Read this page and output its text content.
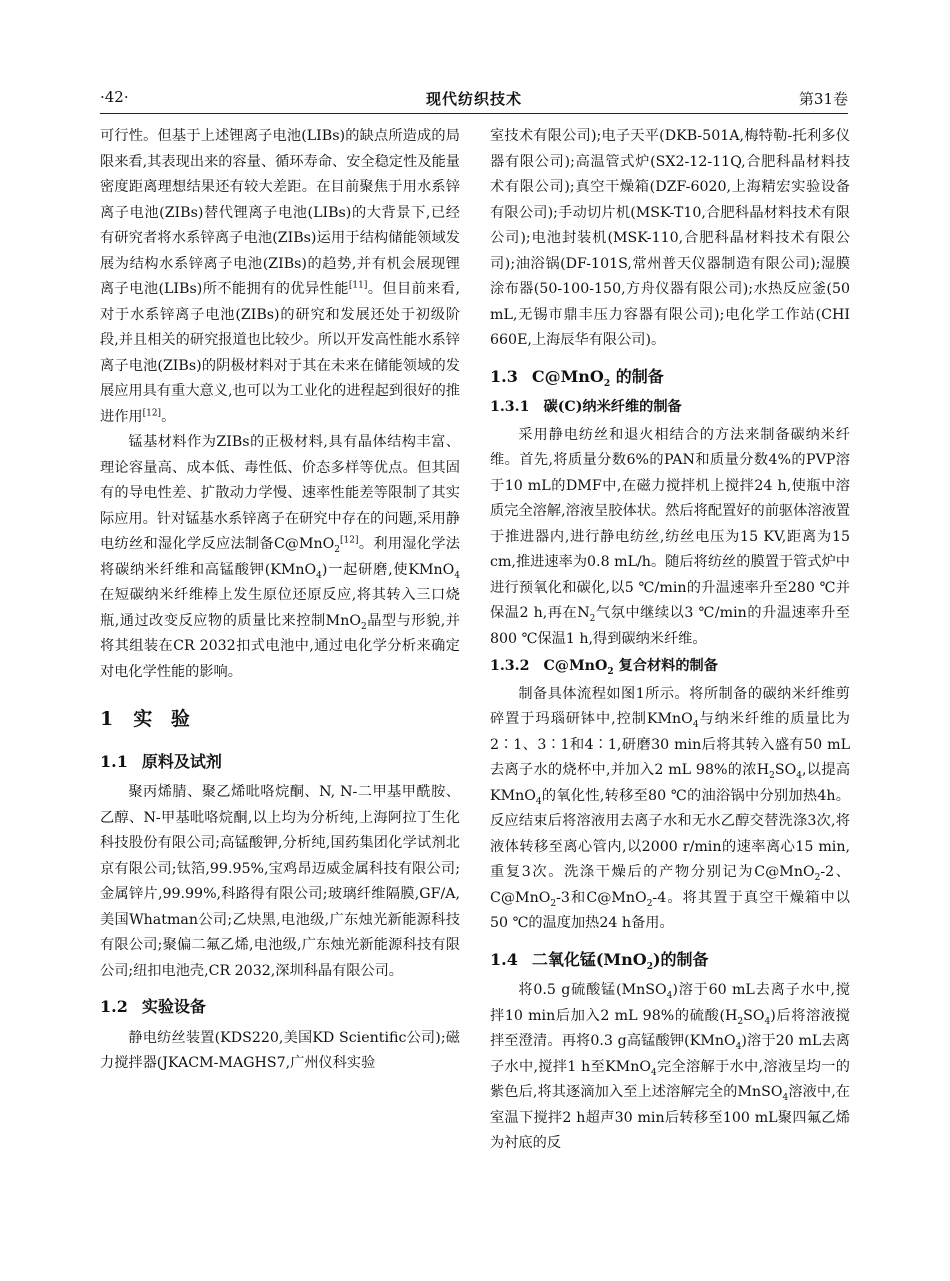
·42·	现代纺织技术	第31卷

可行性。但基于上述锂离子电池(LIBs)的缺点所造成的局限来看,其表现出来的容量、循环寿命、安全稳定性及能量密度距离理想结果还有较大差距。在目前聚焦于用水系锌离子电池(ZIBs)替代锂离子电池(LIBs)的大背景下,已经有研究者将水系锌离子电池(ZIBs)运用于结构储能领域发展为结构水系锌离子电池(ZIBs)的趋势,并有机会展现锂离子电池(LIBs)所不能拥有的优异性能[11]。但目前来看,对于水系锌离子电池(ZIBs)的研究和发展还处于初级阶段,并且相关的研究报道也比较少。所以开发高性能水系锌离子电池(ZIBs)的阴极材料对于其在未来在储能领域的发展应用具有重大意义,也可以为工业化的进程起到很好的推进作用[12]。

锰基材料作为ZIBs的正极材料,具有晶体结构丰富、理论容量高、成本低、毒性低、价态多样等优点。但其固有的导电性差、扩散动力学慢、速率性能差等限制了其实际应用。针对锰基水系锌离子在研究中存在的问题,采用静电纺丝和湿化学反应法制备C@MnO$_2$[12]。利用湿化学法将碳纳米纤维和高锰酸钾(KMnO$_4$)一起研磨,使KMnO$_4$在短碳纳米纤维棒上发生原位还原反应,将其转入三口烧瓶,通过改变反应物的质量比来控制MnO$_2$晶型与形貌,并将其组装在CR 2032扣式电池中,通过电化学分析来确定对电化学性能的影响。

1 实 验
1.1 原料及试剂

聚丙烯腈、聚乙烯吡咯烷酮、N, N-二甲基甲酰胺、乙醇、N-甲基吡咯烷酮,以上均为分析纯,上海阿拉丁生化科技股份有限公司;高锰酸钾,分析纯,国药集团化学试剂北京有限公司;钛箔,99.95%,宝鸡昂迈威金属科技有限公司;金属锌片,99.99%,科路得有限公司;玻璃纤维隔膜,GF/A,美国Whatman公司;乙炔黑,电池级,广东烛光新能源科技有限公司;聚偏二氟乙烯,电池级,广东烛光新能源科技有限公司;纽扣电池壳,CR 2032,深圳科晶有限公司。

1.2 实验设备

静电纺丝装置(KDS220,美国KD Scientific公司);磁力搅拌器(JKACM-MAGHS7,广州仪科实验

室技术有限公司);电子天平(DKB-501A,梅特勒-托利多仪器有限公司);高温管式炉(SX2-12-11Q,合肥科晶材料技术有限公司);真空干燥箱(DZF-6020,上海精宏实验设备有限公司);手动切片机(MSK-T10,合肥科晶材料技术有限公司);电池封装机(MSK-110,合肥科晶材料技术有限公司);油浴锅(DF-101S,常州普天仪器制造有限公司);湿膜涂布器(50-100-150,方舟仪器有限公司);水热反应釜(50 mL,无锡市鼎丰压力容器有限公司);电化学工作站(CHI 660E,上海辰华有限公司)。

1.3 C@MnO$_2$ 的制备
1.3.1 碳(C)纳米纤维的制备

采用静电纺丝和退火相结合的方法来制备碳纳米纤维。首先,将质量分数6%的PAN和质量分数4%的PVP溶于10 mL的DMF中,在磁力搅拌机上搅拌24 h,使瓶中溶质完全溶解,溶液呈胶体状。然后将配置好的前驱体溶液置于推进器内,进行静电纺丝,纺丝电压为15 KV,距离为15 cm,推进速率为0.8 mL/h。随后将纺丝的膜置于管式炉中进行预氧化和碳化,以5 ℃/min的升温速率升至280 ℃并保温2 h,再在$N_2$气氛中继续以3 ℃/min的升温速率升至800 ℃保温1 h,得到碳纳米纤维。

1.3.2 C@MnO$_2$ 复合材料的制备

制备具体流程如图1所示。将所制备的碳纳米纤维剪碎置于玛瑙研钵中,控制KMnO$_4$与纳米纤维的质量比为2∶1、3∶1和4∶1,研磨30 min后将其转入盛有50 mL去离子水的烧杯中,并加入2 mL 98%的浓$H_2SO_4$,以提高KMnO$_4$的氧化性,转移至80 ℃的油浴锅中分别加热4h。反应结束后将溶液用去离子水和无水乙醇交替洗涤3次,将液体转移至离心管内,以2000 r/min的速率离心15 min,重复3次。洗涤干燥后的产物分别记为C@MnO$_2$-2、C@MnO$_2$-3和C@MnO$_2$-4。将其置于真空干燥箱中以50 ℃的温度加热24 h备用。

1.4 二氧化锰(MnO$_2$)的制备

将0.5 g硫酸锰(MnSO$_4$)溶于60 mL去离子水中,搅拌10 min后加入2 mL 98%的硫酸$(H_2SO_4)$后将溶液搅拌至澄清。再将0.3 g高锰酸钾(KMnO$_4$)溶于20 mL去离子水中,搅拌1 h至KMnO$_4$完全溶解于水中,溶液呈均一的紫色后,将其逐滴加入至上述溶解完全的MnSO$_4$溶液中,在室温下搅拌2 h超声30 min后转移至100 mL聚四氟乙烯为衬底的反
